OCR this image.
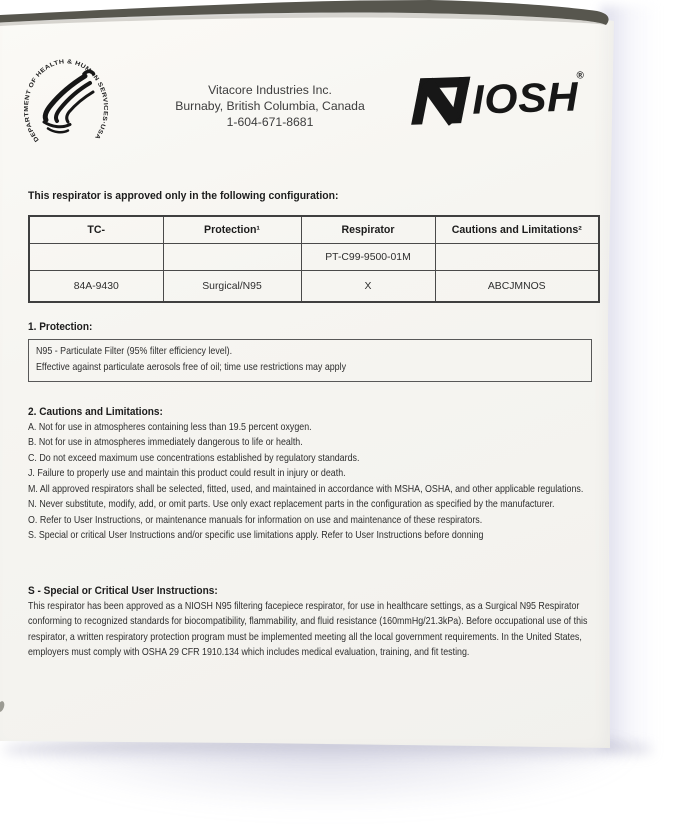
DEPARTMENT OF HEALTH & HUMAN SERVICES·USA
Vitacore Industries Inc.
Burnaby, British Columbia, Canada
1-604-671-8681	IOSH
®
This respirator is approved only in the following configuration:
TC-	Protection¹	Respirator	Cautions and Limitations²
		PT-C99-9500-01M	
84A-9430	Surgical/N95	X	ABCJMNOS
1. Protection:
N95 - Particulate Filter (95% filter efficiency level).
Effective against particulate aerosols free of oil; time use restrictions may apply
2. Cautions and Limitations:
A. Not for use in atmospheres containing less than 19.5 percent oxygen.
B. Not for use in atmospheres immediately dangerous to life or health.
C. Do not exceed maximum use concentrations established by regulatory standards.
J. Failure to properly use and maintain this product could result in injury or death.
M. All approved respirators shall be selected, fitted, used, and maintained in accordance with MSHA, OSHA, and other applicable regulations.
N. Never substitute, modify, add, or omit parts. Use only exact replacement parts in the configuration as specified by the manufacturer.
O. Refer to User Instructions, or maintenance manuals for information on use and maintenance of these respirators.
S. Special or critical User Instructions and/or specific use limitations apply. Refer to User Instructions before donning
S - Special or Critical User Instructions:
This respirator has been approved as a NIOSH N95 filtering facepiece respirator, for use in healthcare settings, as a Surgical N95 Respirator conforming to recognized standards for biocompatibility, flammability, and fluid resistance (160mmHg/21.3kPa). Before occupational use of this respirator, a written respiratory protection program must be implemented meeting all the local government requirements. In the United States, employers must comply with OSHA 29 CFR 1910.134 which includes medical evaluation, training, and fit testing.
